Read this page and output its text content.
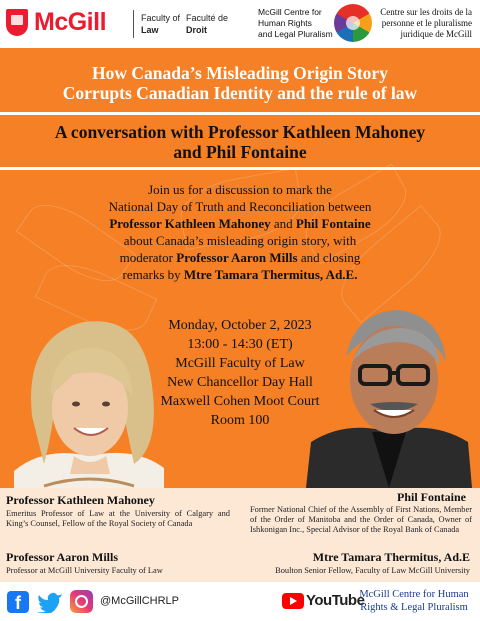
McGill	Faculty of
Law
Faculté de
Droit
McGill Centre for
Human Rights
and Legal Pluralism
Centre sur les droits de la
personne et le pluralisme
juridique de McGill
How Canada’s Misleading Origin Story
Corrupts Canadian Identity and the rule of law
A conversation with Professor Kathleen Mahoney
and Phil Fontaine
Join us for a discussion to mark the
National Day of Truth and Reconciliation between
Professor Kathleen Mahoney and Phil Fontaine
about Canada’s misleading origin story, with
moderator Professor Aaron Mills and closing
remarks by Mtre Tamara Thermitus, Ad.E.
Monday, October 2, 2023
13:00 - 14:30 (ET)
McGill Faculty of Law
New Chancellor Day Hall
Maxwell Cohen Moot Court
Room 100
Professor Kathleen Mahoney
Emeritus Professor of Law at the University of Calgary and King’s Counsel, Fellow of the Royal Society of Canada
Professor Aaron Mills
Professor at McGill University Faculty of Law
Phil Fontaine
Former National Chief of the Assembly of First Nations, Member of the Order of Manitoba and the Order of Canada, Owner of Ishkonigan Inc., Special Advisor of the Royal Bank of Canada
Mtre Tamara Thermitus, Ad.E
Boulton Senior Fellow, Faculty of Law McGill University
f	@McGillCHRLP	YouTube
McGill Centre for Human
Rights & Legal Pluralism
